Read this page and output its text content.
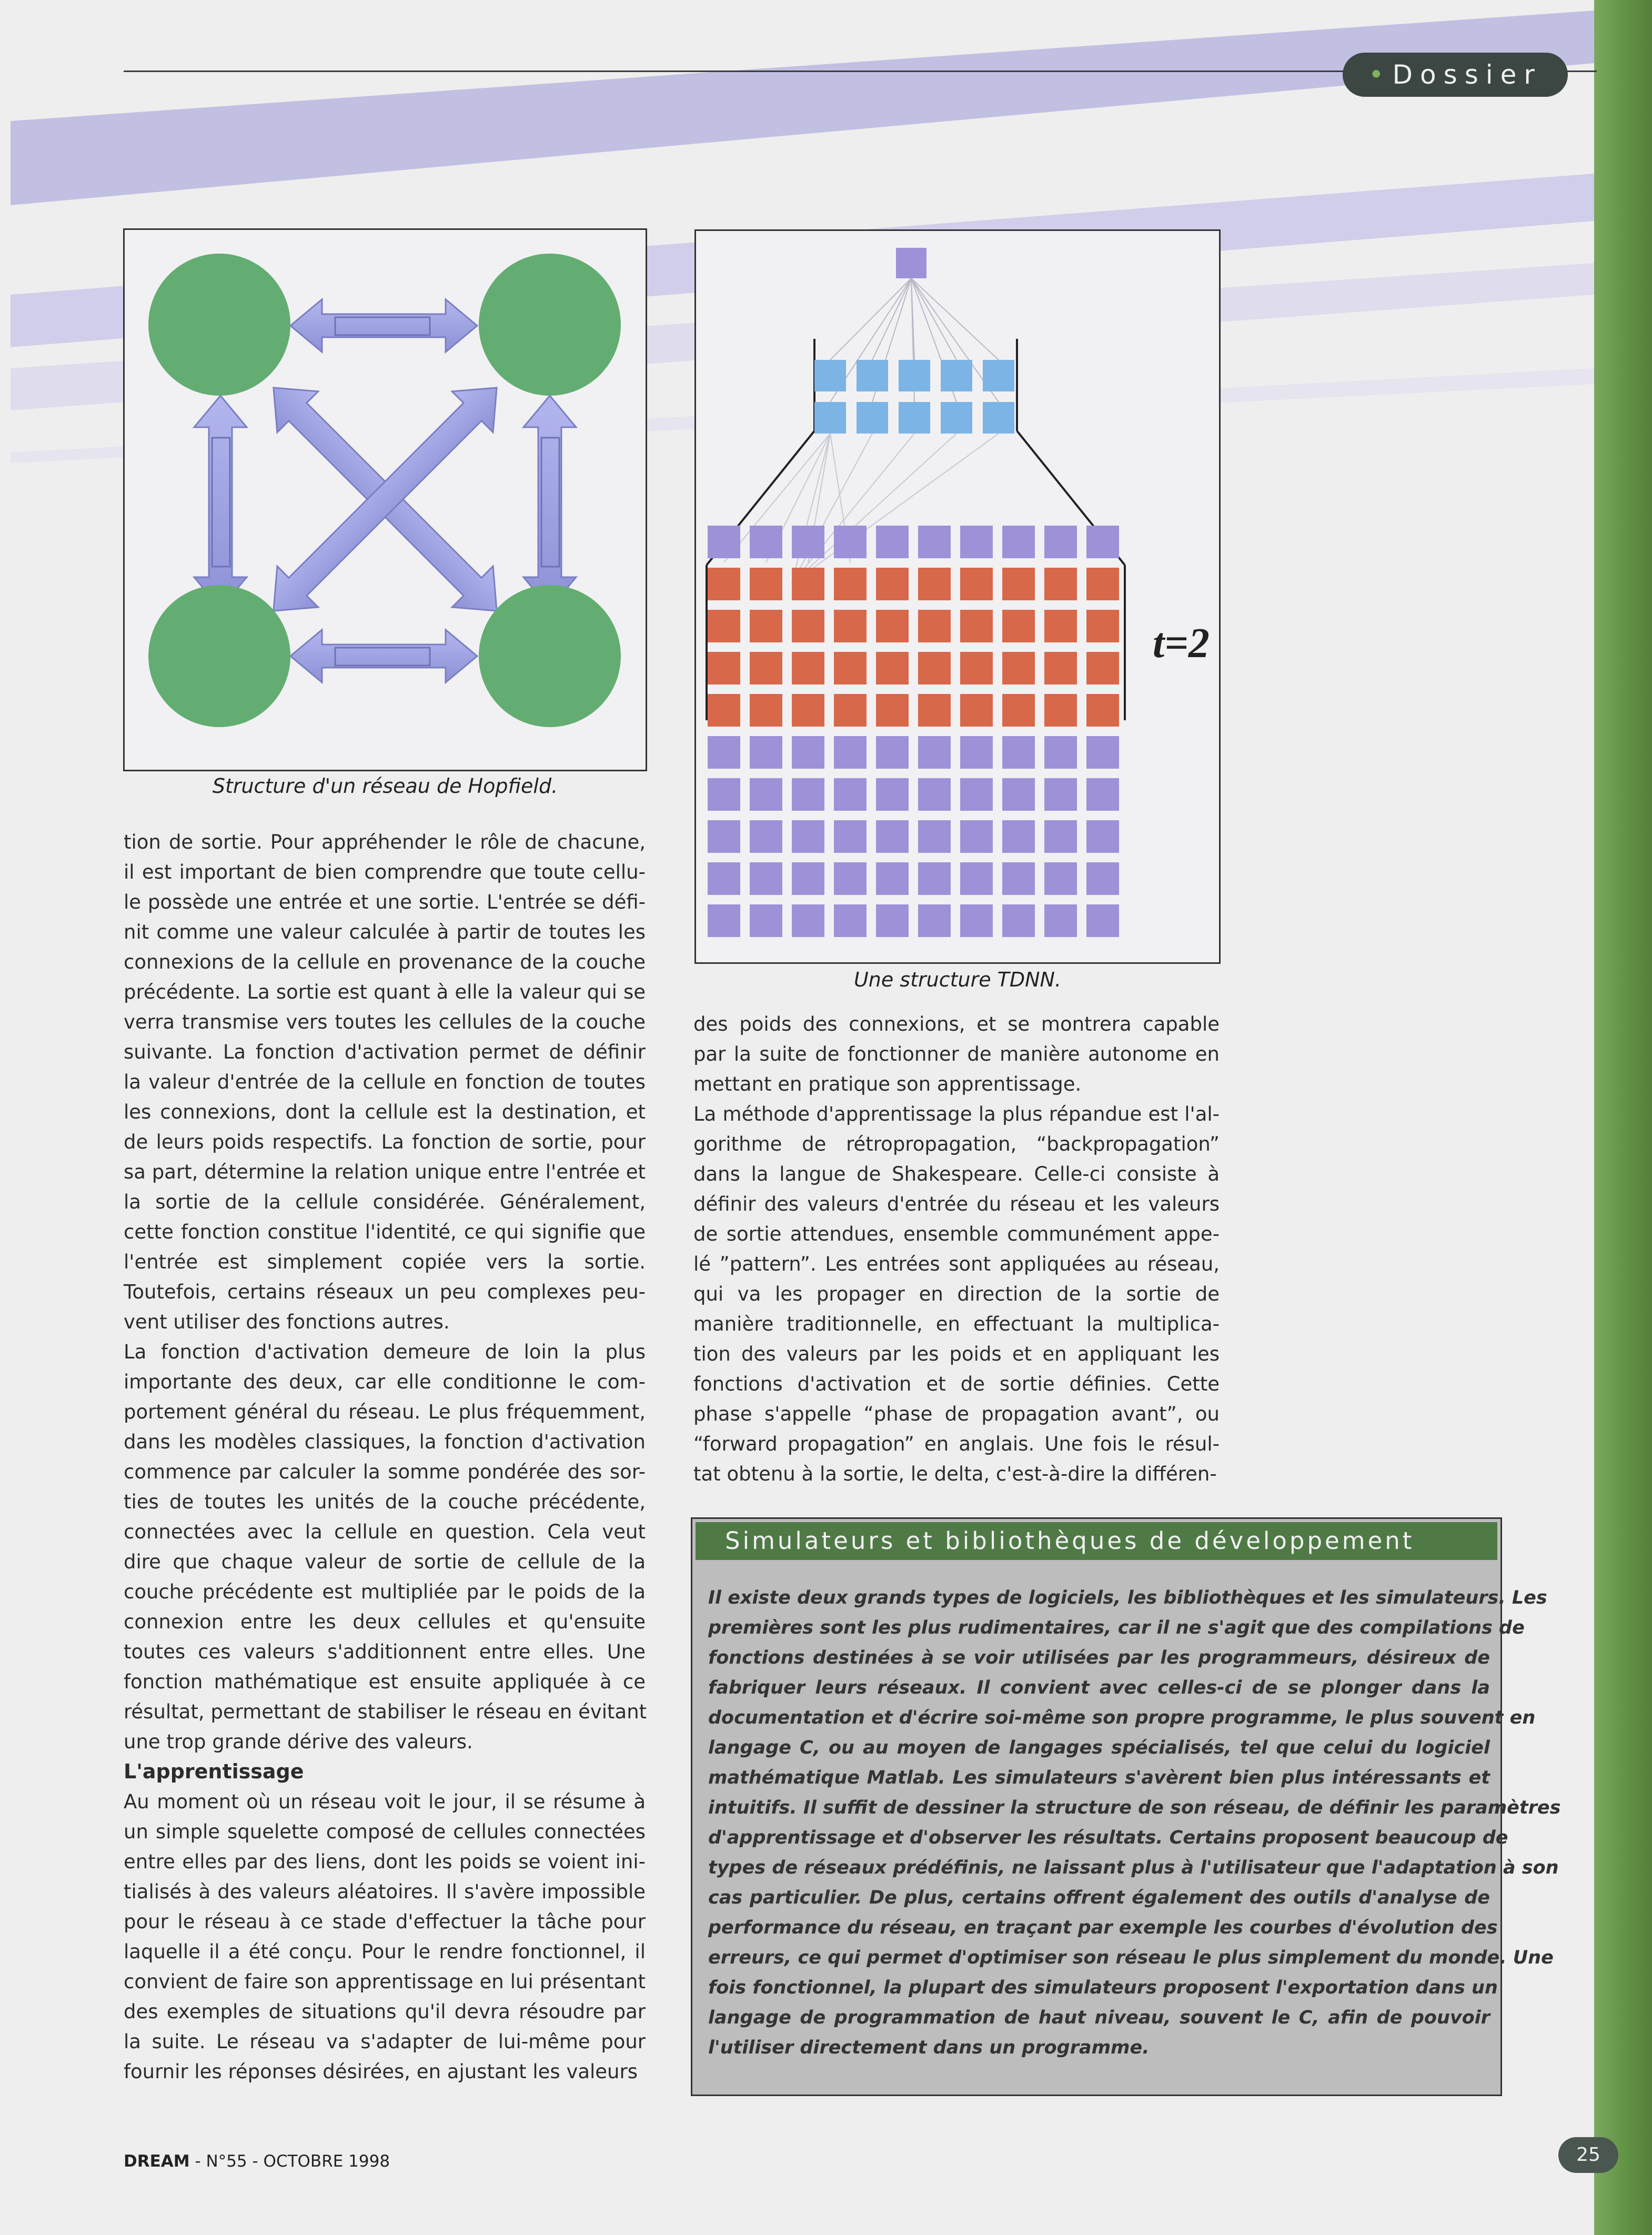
• Dossier
Structure d'un réseau de Hopfield.
t=2
Une structure TDNN.

tion de sortie. Pour appréhender le rôle de chacune,
il est important de bien comprendre que toute cellu-
le possède une entrée et une sortie. L'entrée se défi-
nit comme une valeur calculée à partir de toutes les
connexions de la cellule en provenance de la couche
précédente. La sortie est quant à elle la valeur qui se
verra transmise vers toutes les cellules de la couche
suivante. La fonction d'activation permet de définir
la valeur d'entrée de la cellule en fonction de toutes
les connexions, dont la cellule est la destination, et
de leurs poids respectifs. La fonction de sortie, pour
sa part, détermine la relation unique entre l'entrée et
la sortie de la cellule considérée. Généralement,
cette fonction constitue l'identité, ce qui signifie que
l'entrée est simplement copiée vers la sortie.
Toutefois, certains réseaux un peu complexes peu-
vent utiliser des fonctions autres.

La fonction d'activation demeure de loin la plus
importante des deux, car elle conditionne le com-
portement général du réseau. Le plus fréquemment,
dans les modèles classiques, la fonction d'activation
commence par calculer la somme pondérée des sor-
ties de toutes les unités de la couche précédente,
connectées avec la cellule en question. Cela veut
dire que chaque valeur de sortie de cellule de la
couche précédente est multipliée par le poids de la
connexion entre les deux cellules et qu'ensuite
toutes ces valeurs s'additionnent entre elles. Une
fonction mathématique est ensuite appliquée à ce
résultat, permettant de stabiliser le réseau en évitant
une trop grande dérive des valeurs.

L'apprentissage

Au moment où un réseau voit le jour, il se résume à
un simple squelette composé de cellules connectées
entre elles par des liens, dont les poids se voient ini-
tialisés à des valeurs aléatoires. Il s'avère impossible
pour le réseau à ce stade d'effectuer la tâche pour
laquelle il a été conçu. Pour le rendre fonctionnel, il
convient de faire son apprentissage en lui présentant
des exemples de situations qu'il devra résoudre par
la suite. Le réseau va s'adapter de lui-même pour
fournir les réponses désirées, en ajustant les valeurs

des poids des connexions, et se montrera capable
par la suite de fonctionner de manière autonome en
mettant en pratique son apprentissage.

La méthode d'apprentissage la plus répandue est l'al-
gorithme de rétropropagation, “backpropagation”
dans la langue de Shakespeare. Celle-ci consiste à
définir des valeurs d'entrée du réseau et les valeurs
de sortie attendues, ensemble communément appe-
lé ”pattern”. Les entrées sont appliquées au réseau,
qui va les propager en direction de la sortie de
manière traditionnelle, en effectuant la multiplica-
tion des valeurs par les poids et en appliquant les
fonctions d'activation et de sortie définies. Cette
phase s'appelle “phase de propagation avant”, ou
“forward propagation” en anglais. Une fois le résul-
tat obtenu à la sortie, le delta, c'est-à-dire la différen-

Simulateurs et bibliothèques de développement
Il existe deux grands types de logiciels, les bibliothèques et les simulateurs. Les
premières sont les plus rudimentaires, car il ne s'agit que des compilations de
fonctions destinées à se voir utilisées par les programmeurs, désireux de
fabriquer leurs réseaux. Il convient avec celles-ci de se plonger dans la
documentation et d'écrire soi-même son propre programme, le plus souvent en
langage C, ou au moyen de langages spécialisés, tel que celui du logiciel
mathématique Matlab. Les simulateurs s'avèrent bien plus intéressants et
intuitifs. Il suffit de dessiner la structure de son réseau, de définir les paramètres
d'apprentissage et d'observer les résultats. Certains proposent beaucoup de
types de réseaux prédéfinis, ne laissant plus à l'utilisateur que l'adaptation à son
cas particulier. De plus, certains offrent également des outils d'analyse de
performance du réseau, en traçant par exemple les courbes d'évolution des
erreurs, ce qui permet d'optimiser son réseau le plus simplement du monde. Une
fois fonctionnel, la plupart des simulateurs proposent l'exportation dans un
langage de programmation de haut niveau, souvent le C, afin de pouvoir
l'utiliser directement dans un programme.
DREAM - N°55 - OCTOBRE 1998	25
